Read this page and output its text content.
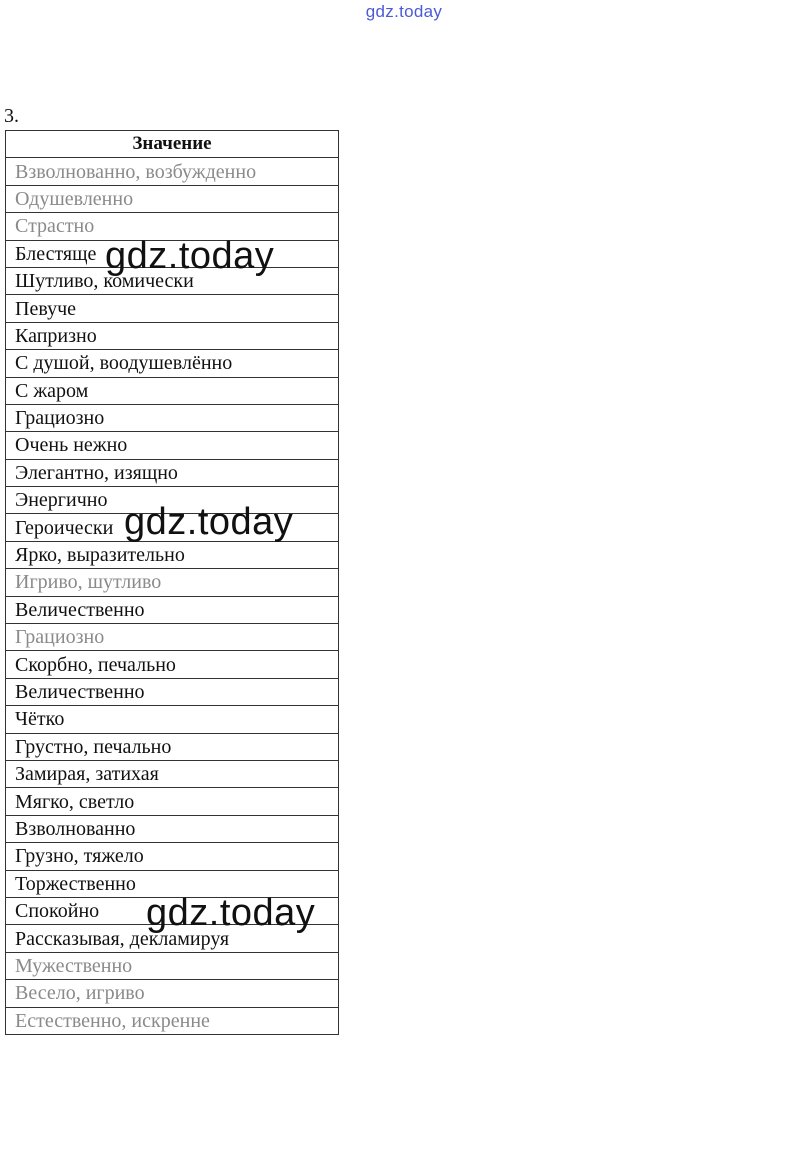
gdz.today
3.
Значение
Взволнованно, возбужденно
Одушевленно
Страстно
Блестяще
Шутливо, комически
Певуче
Капризно
С душой, воодушевлённо
С жаром
Грациозно
Очень нежно
Элегантно, изящно
Энергично
Героически
Ярко, выразительно
Игриво, шутливо
Величественно
Грациозно
Скорбно, печально
Величественно
Чётко
Грустно, печально
Замирая, затихая
Мягко, светло
Взволнованно
Грузно, тяжело
Торжественно
Спокойно
Рассказывая, декламируя
Мужественно
Весело, игриво
Естественно, искренне
gdz.today
gdz.today
gdz.today
